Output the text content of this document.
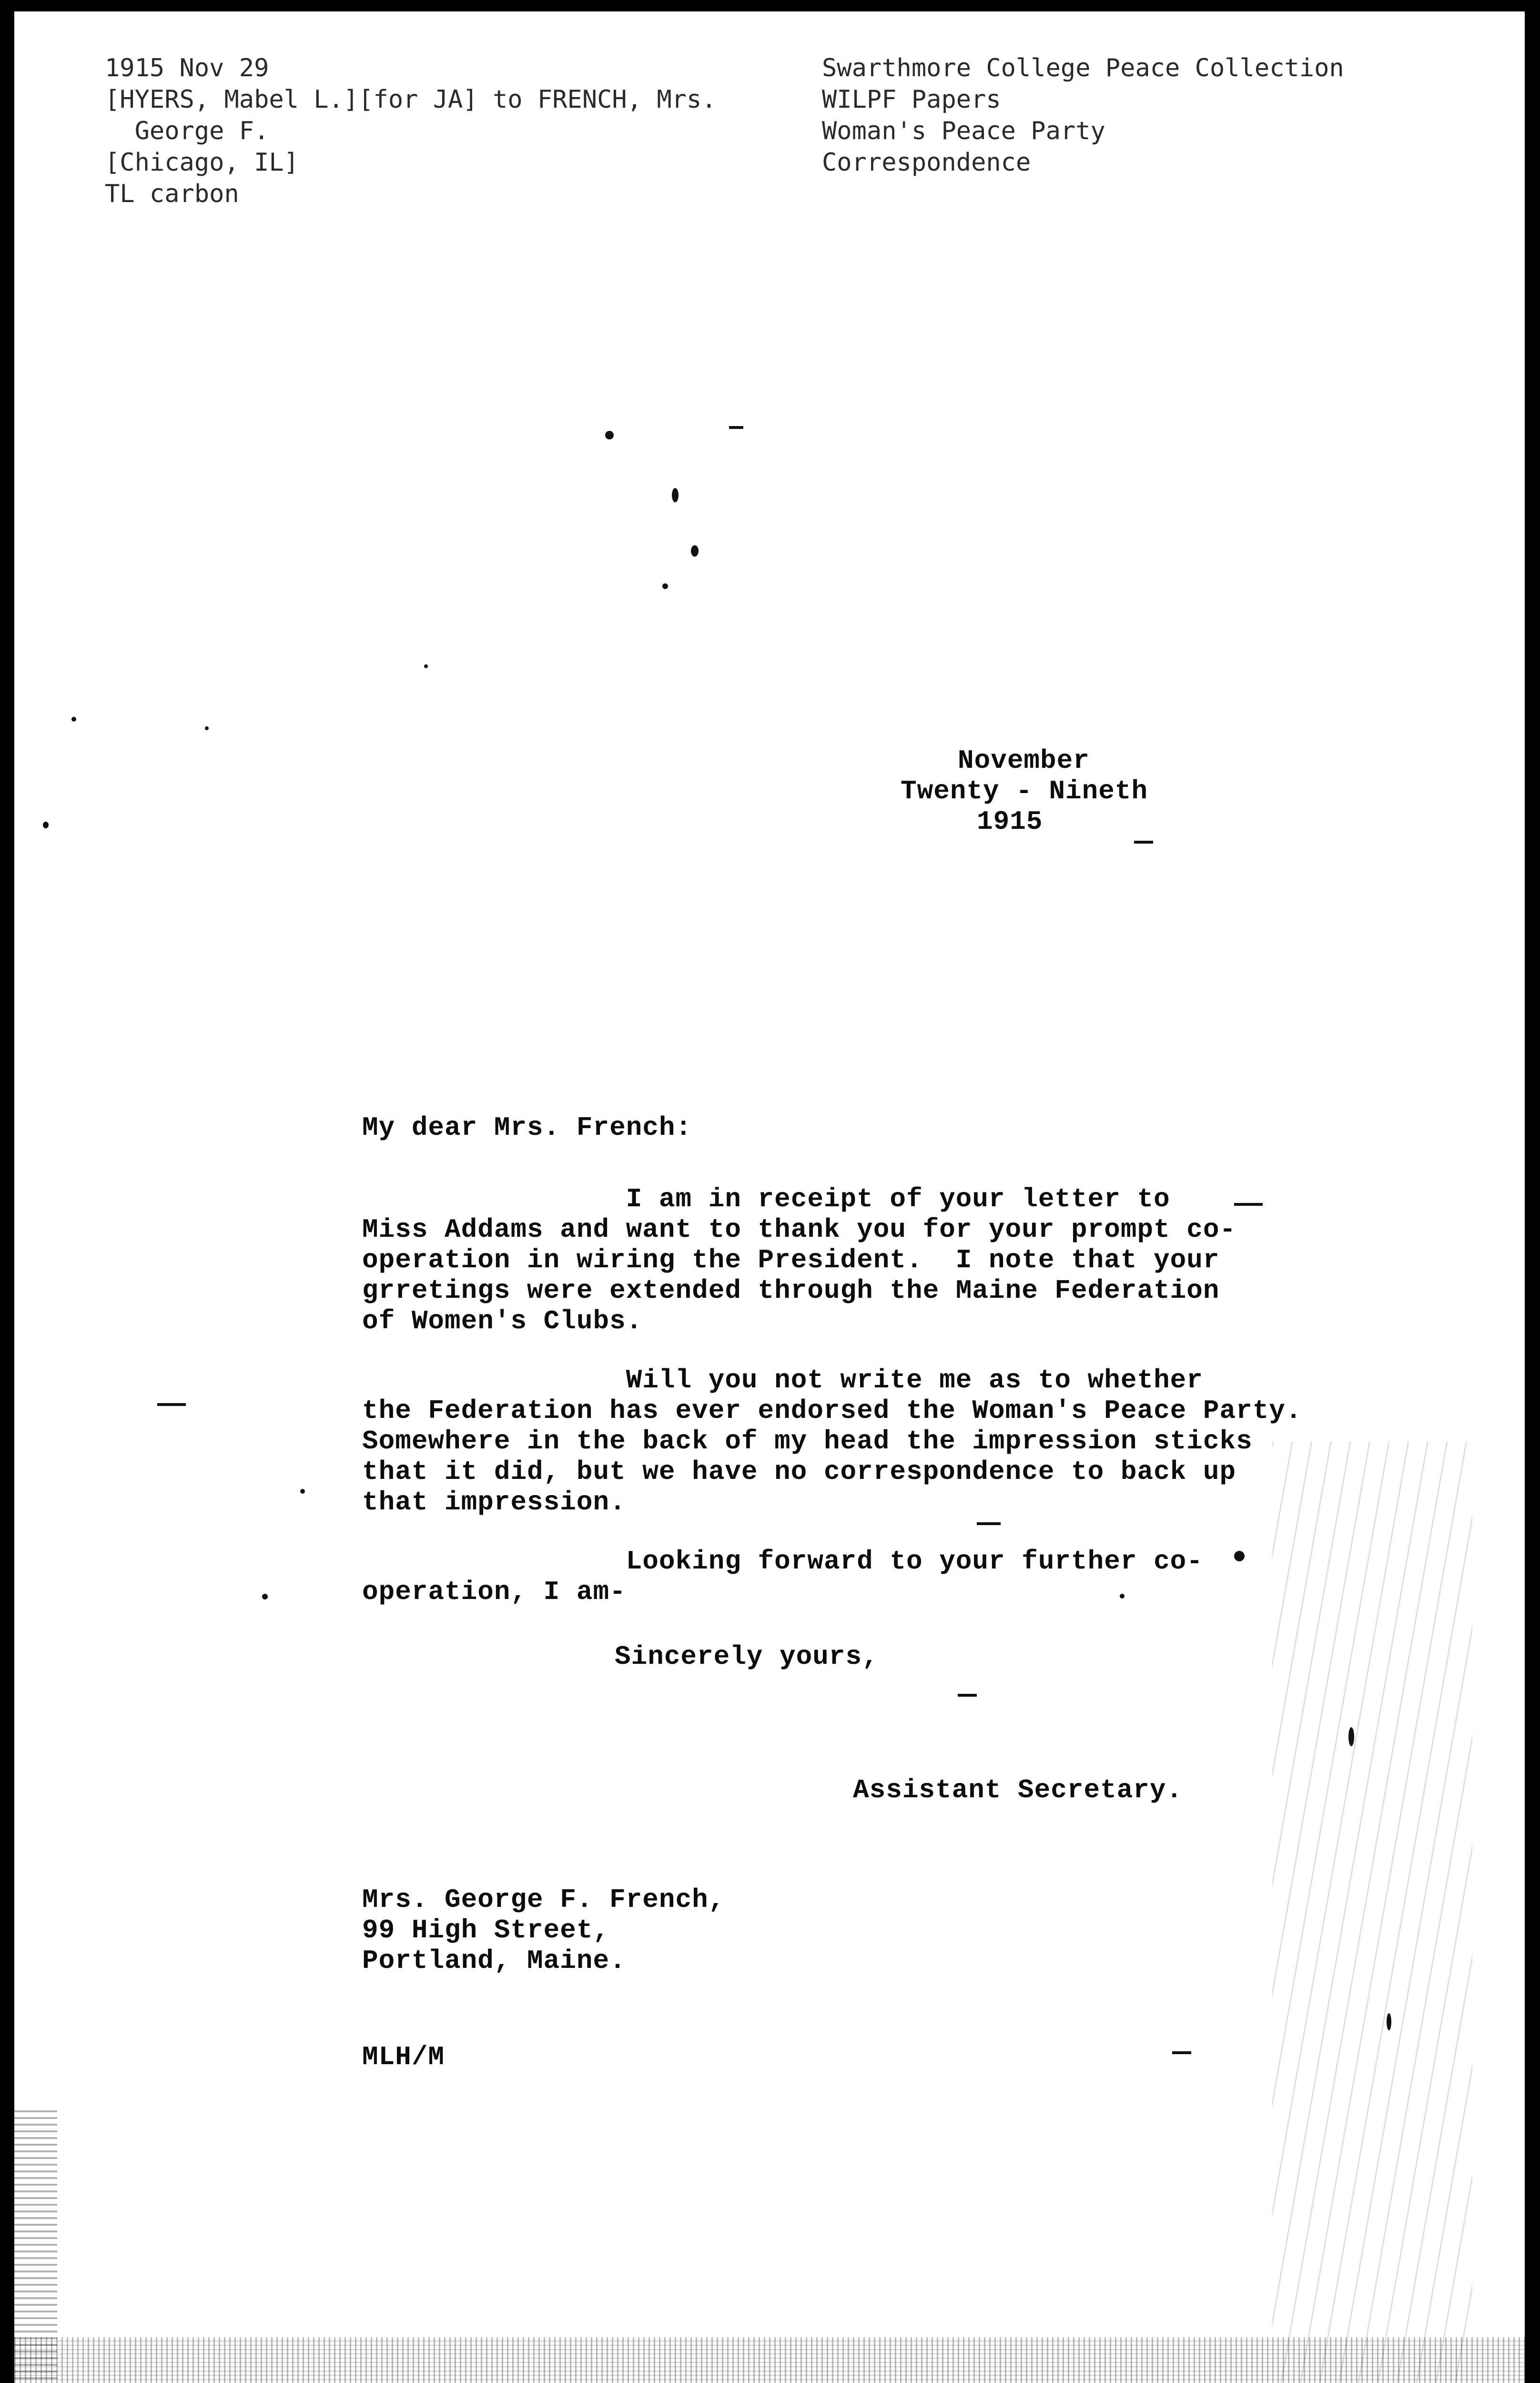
1915 Nov 29
[HYERS, Mabel L.][for JA] to FRENCH, Mrs.
George F.
[Chicago, IL]
TL carbon
Swarthmore College Peace Collection
WILPF Papers
Woman's Peace Party
Correspondence
November
Twenty - Nineth
1915
My dear Mrs. French:
I am in receipt of your letter to
Miss Addams and want to thank you for your prompt co-
operation in wiring the President.  I note that your
grretings were extended through the Maine Federation
of Women's Clubs.
Will you not write me as to whether
the Federation has ever endorsed the Woman's Peace Party.
Somewhere in the back of my head the impression sticks
that it did, but we have no correspondence to back up
that impression.
Looking forward to your further co-
operation, I am-
Sincerely yours,
Assistant Secretary.
Mrs. George F. French,
99 High Street,
Portland, Maine.
MLH/M
